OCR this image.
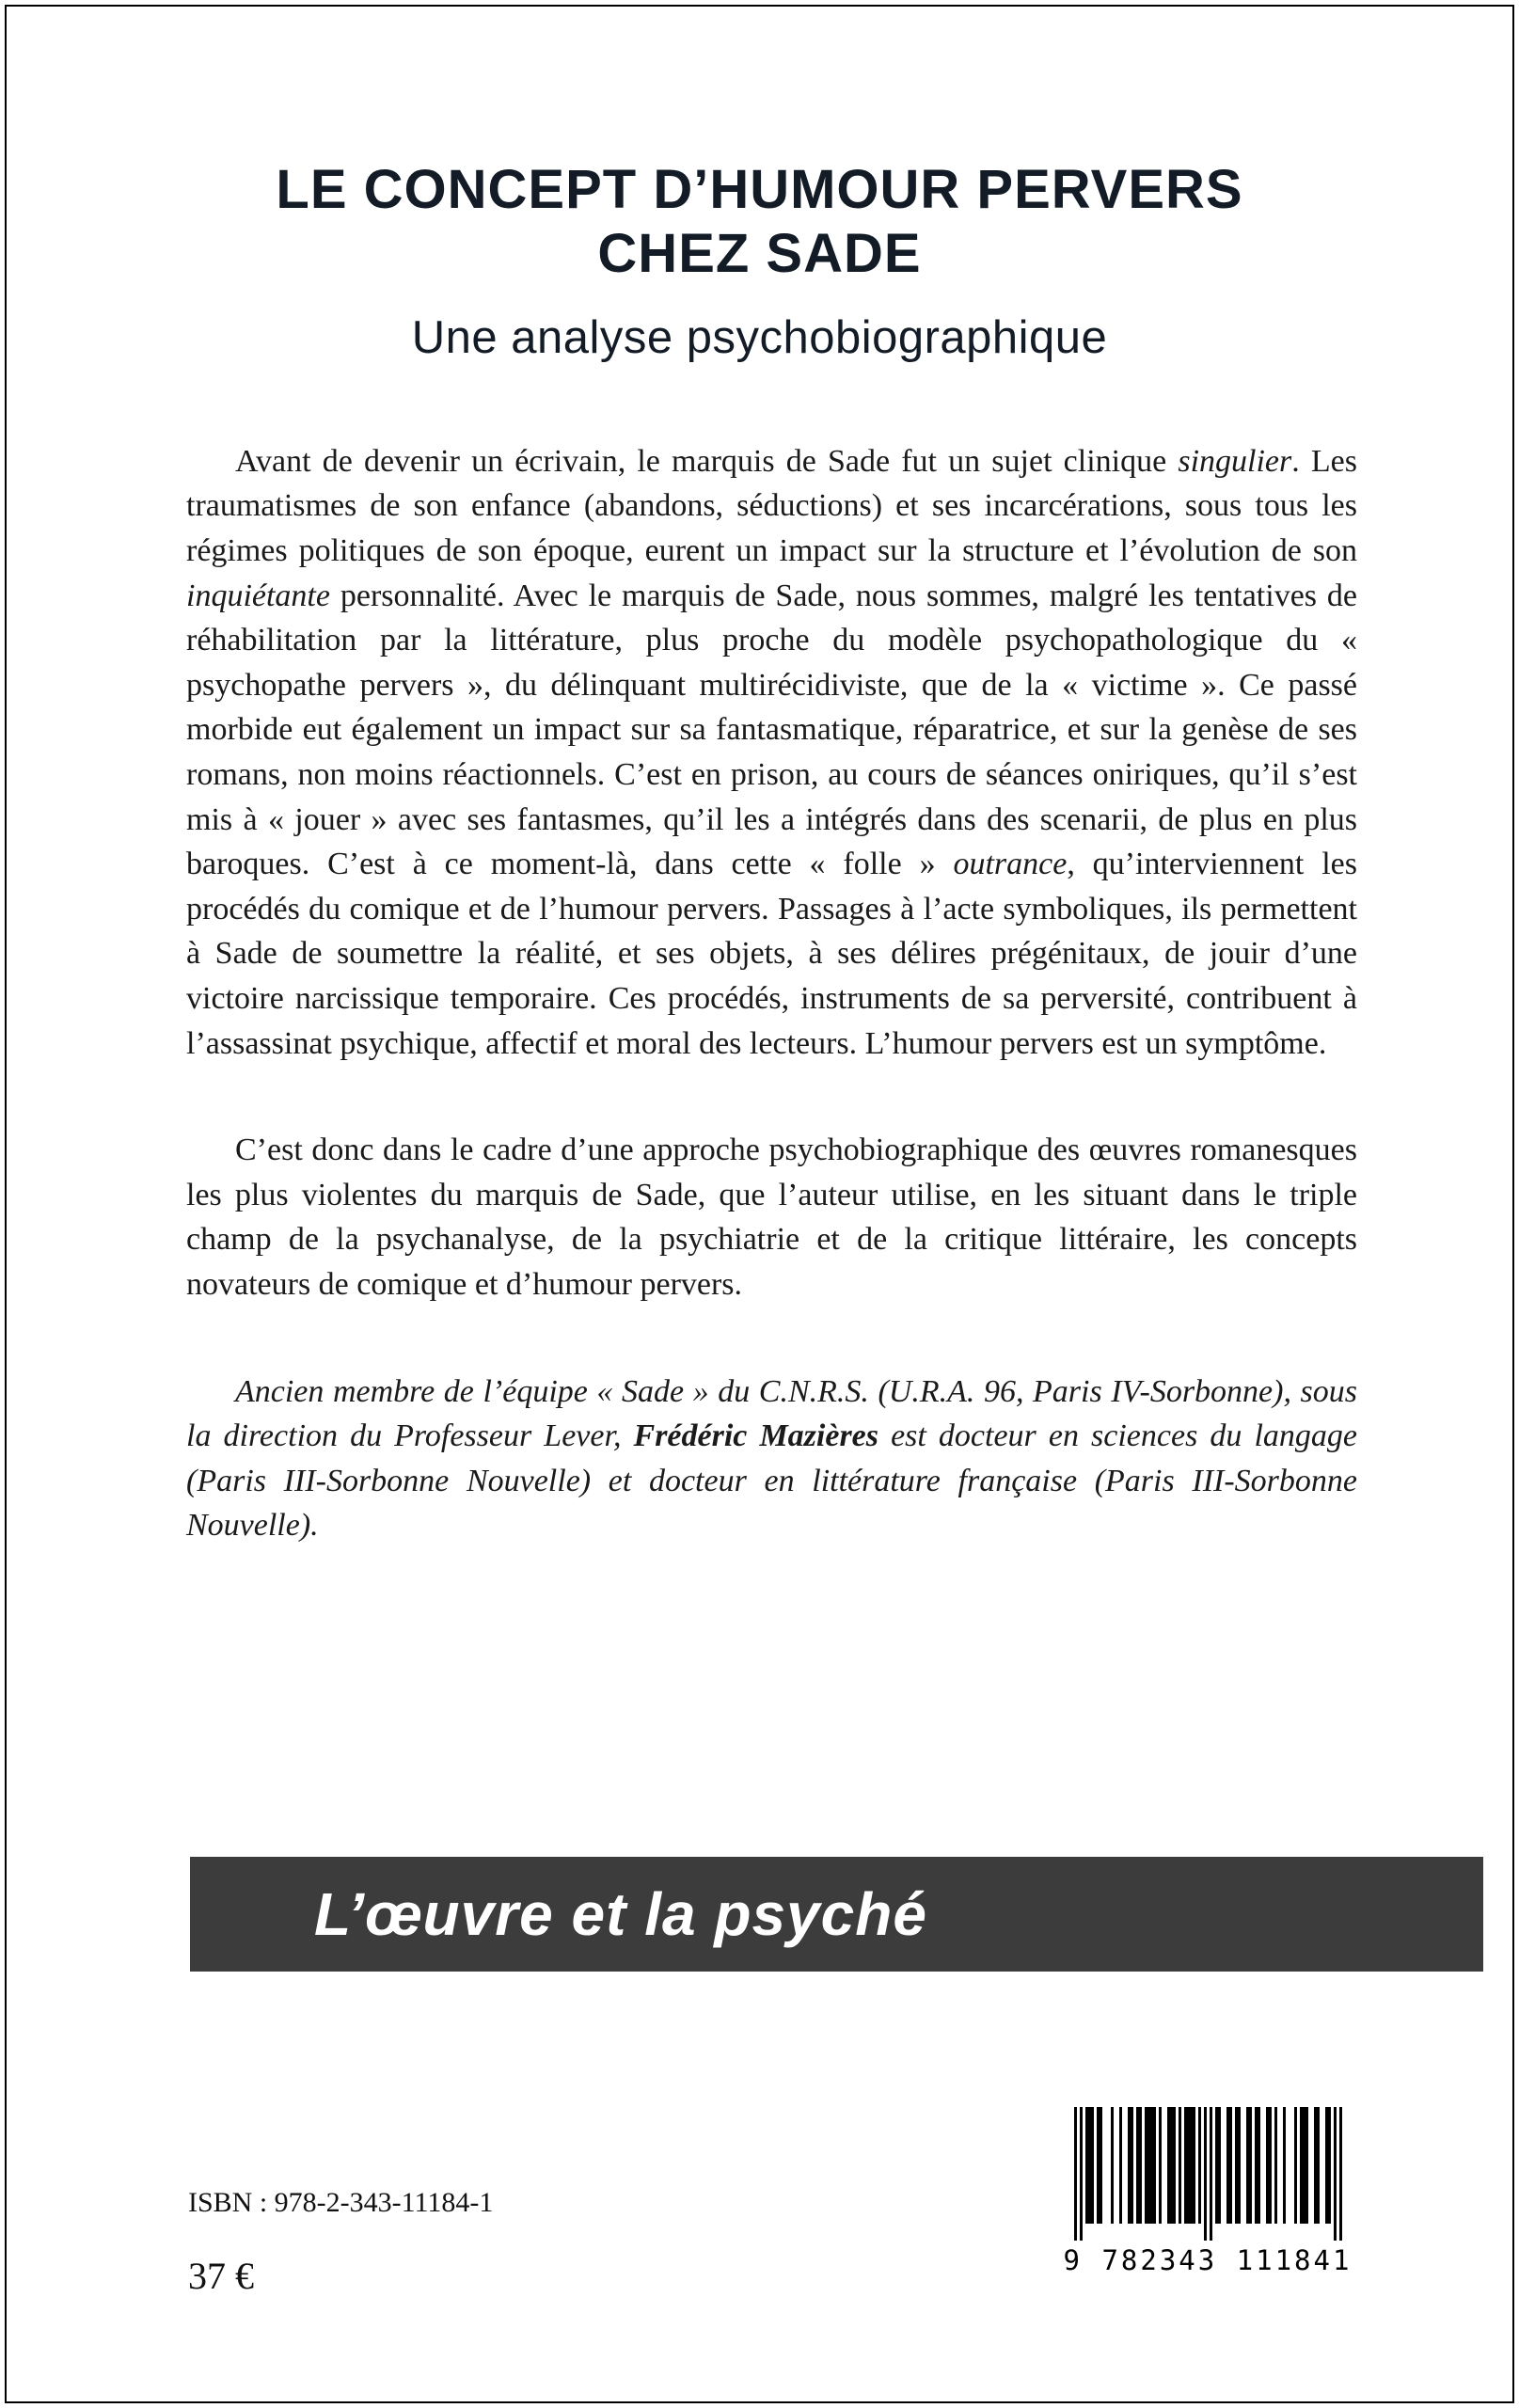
LE CONCEPT D’HUMOUR PERVERS
CHEZ SADE
Une analyse psychobiographique

Avant de devenir un écrivain, le marquis de Sade fut un sujet clinique singulier. Les traumatismes de son enfance (abandons, séductions) et ses incarcérations, sous tous les régimes politiques de son époque, eurent un impact sur la structure et l’évolution de son inquiétante personnalité. Avec le marquis de Sade, nous sommes, malgré les tentatives de réhabilitation par la littérature, plus proche du modèle psychopathologique du « psychopathe pervers », du délinquant multirécidiviste, que de la « victime ». Ce passé morbide eut également un impact sur sa fantasmatique, réparatrice, et sur la genèse de ses romans, non moins réactionnels. C’est en prison, au cours de séances oniriques, qu’il s’est mis à « jouer » avec ses fantasmes, qu’il les a intégrés dans des scenarii, de plus en plus baroques. C’est à ce moment-là, dans cette « folle » outrance, qu’interviennent les procédés du comique et de l’humour pervers. Passages à l’acte symboliques, ils permettent à Sade de soumettre la réalité, et ses objets, à ses délires prégénitaux, de jouir d’une victoire narcissique temporaire. Ces procédés, instruments de sa perversité, contribuent à l’assassinat psychique, affectif et moral des lecteurs. L’humour pervers est un symptôme.

C’est donc dans le cadre d’une approche psychobiographique des œuvres romanesques les plus violentes du marquis de Sade, que l’auteur utilise, en les situant dans le triple champ de la psychanalyse, de la psychiatrie et de la critique littéraire, les concepts novateurs de comique et d’humour pervers.

Ancien membre de l’équipe « Sade » du C.N.R.S. (U.R.A. 96, Paris IV-Sorbonne), sous la direction du Professeur Lever, Frédéric Mazières est docteur en sciences du langage (Paris III-Sorbonne Nouvelle) et docteur en littérature française (Paris III-Sorbonne Nouvelle).

L’œuvre et la psyché
ISBN : 978-2-343-11184-1
37 €	9 782343 111841
